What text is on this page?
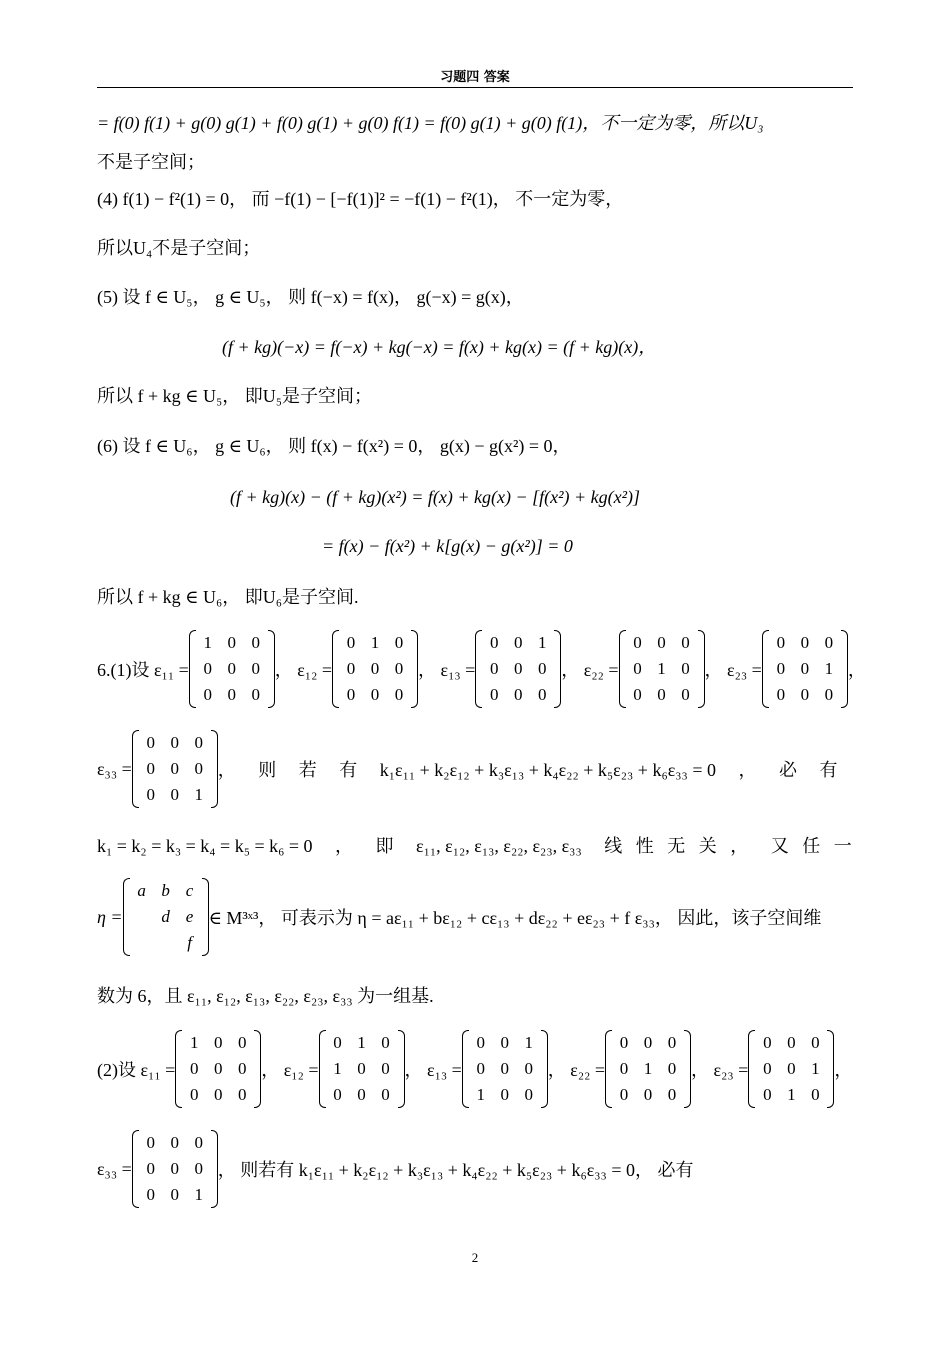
习题四 答案
= f(0) f(1) + g(0) g(1) + f(0) g(1) + g(0) f(1) = f(0) g(1) + g(0) f(1)，不一定为零，所以U₃
不是子空间；
(4) f(1) − f²(1) = 0， 而 −f(1) − [−f(1)]² = −f(1) − f²(1)， 不一定为零，
所以U₄不是子空间；
(5) 设 f ∈ U₅， g ∈ U₅， 则 f(−x) = f(x)， g(−x) = g(x)，
(f + kg)(−x) = f(−x) + kg(−x) = f(x) + kg(x) = (f + kg)(x)，
所以 f + kg ∈ U₅， 即U₅是子空间；
(6) 设 f ∈ U₆， g ∈ U₆， 则 f(x) − f(x²) = 0， g(x) − g(x²) = 0，
(f + kg)(x) − (f + kg)(x²) = f(x) + kg(x) − [f(x²) + kg(x²)]
= f(x) − f(x²) + k[g(x) − g(x²)] = 0
所以 f + kg ∈ U₆， 即U₆是子空间.
6.(1)设 ε₁₁ =
1	0	0
0	0	0
0	0	0
， ε₁₂ =
0	1	0
0	0	0
0	0	0
， ε₁₃ =
0	0	1
0	0	0
0	0	0
， ε₂₂ =
0	0	0
0	1	0
0	0	0
， ε₂₃ =
0	0	0
0	0	1
0	0	0
，
ε₃₃ =
0	0	0
0	0	0
0	0	1
，     则     若     有     k₁ε₁₁ + k₂ε₁₂ + k₃ε₁₃ + k₄ε₂₂ + k₅ε₂₃ + k₆ε₃₃ = 0     ，     必     有
k₁ = k₂ = k₃ = k₄ = k₅ = k₆ = 0     ，     即     ε₁₁, ε₁₂, ε₁₃, ε₂₂, ε₂₃, ε₃₃     线   性   无   关   ，     又   任   一
η =
a	b	c
	d	e
		f
∈ M³ˣ³， 可表示为 η = aε₁₁ + bε₁₂ + cε₁₃ + dε₂₂ + eε₂₃ + f ε₃₃， 因此，该子空间维
数为 6，且 ε₁₁, ε₁₂, ε₁₃, ε₂₂, ε₂₃, ε₃₃ 为一组基.
(2)设 ε₁₁ =
1	0	0
0	0	0
0	0	0
， ε₁₂ =
0	1	0
1	0	0
0	0	0
， ε₁₃ =
0	0	1
0	0	0
1	0	0
， ε₂₂ =
0	0	0
0	1	0
0	0	0
， ε₂₃ =
0	0	0
0	0	1
0	1	0
，
ε₃₃ =
0	0	0
0	0	0
0	0	1
， 则若有 k₁ε₁₁ + k₂ε₁₂ + k₃ε₁₃ + k₄ε₂₂ + k₅ε₂₃ + k₆ε₃₃ = 0， 必有
2
